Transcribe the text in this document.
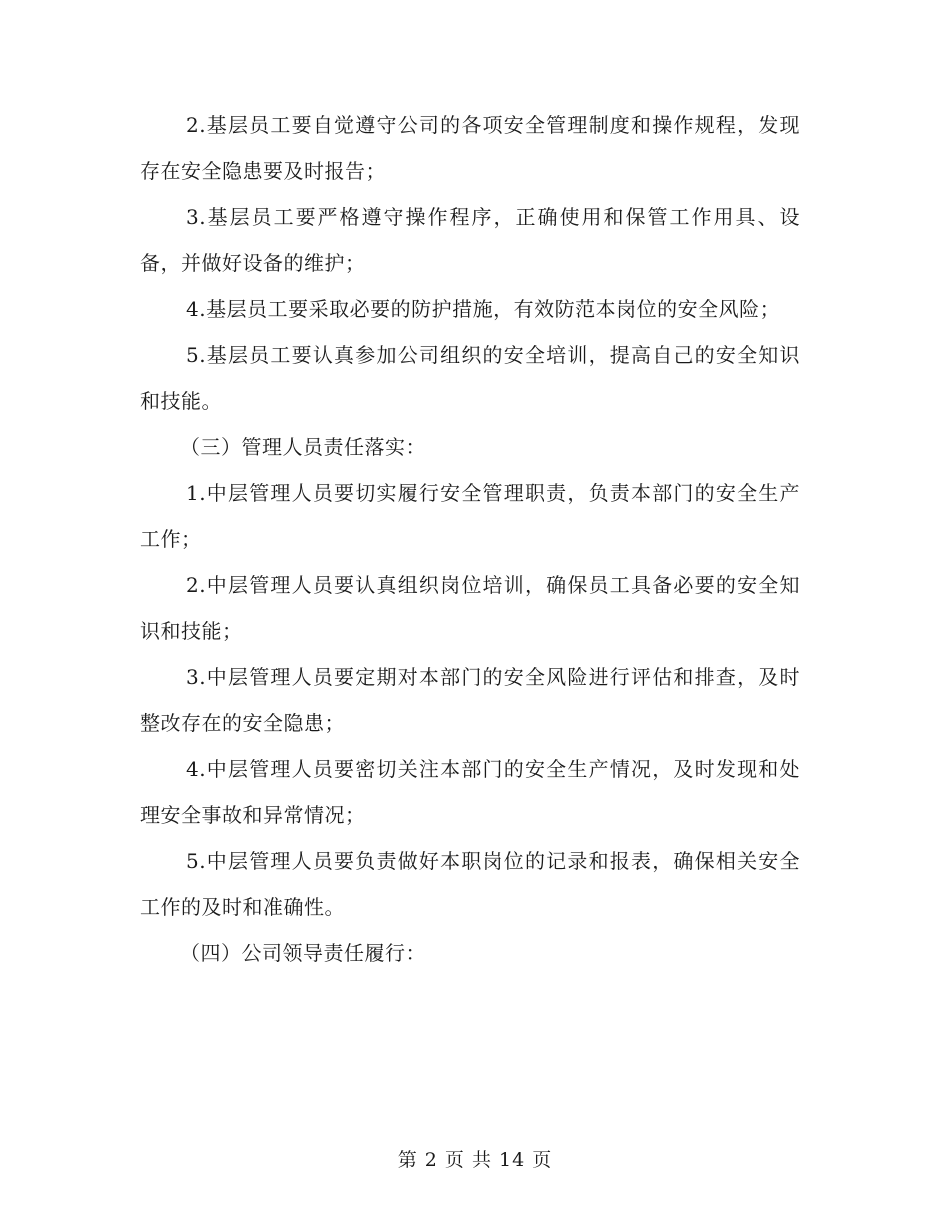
2.基层员工要自觉遵守公司的各项安全管理制度和操作规程，发现存在安全隐患要及时报告；

3.基层员工要严格遵守操作程序，正确使用和保管工作用具、设备，并做好设备的维护；

4.基层员工要采取必要的防护措施，有效防范本岗位的安全风险；

5.基层员工要认真参加公司组织的安全培训，提高自己的安全知识和技能。

（三）管理人员责任落实：

1.中层管理人员要切实履行安全管理职责，负责本部门的安全生产工作；

2.中层管理人员要认真组织岗位培训，确保员工具备必要的安全知识和技能；

3.中层管理人员要定期对本部门的安全风险进行评估和排查，及时整改存在的安全隐患；

4.中层管理人员要密切关注本部门的安全生产情况，及时发现和处理安全事故和异常情况；

5.中层管理人员要负责做好本职岗位的记录和报表，确保相关安全工作的及时和准确性。

（四）公司领导责任履行：

第 2 页 共 14 页
